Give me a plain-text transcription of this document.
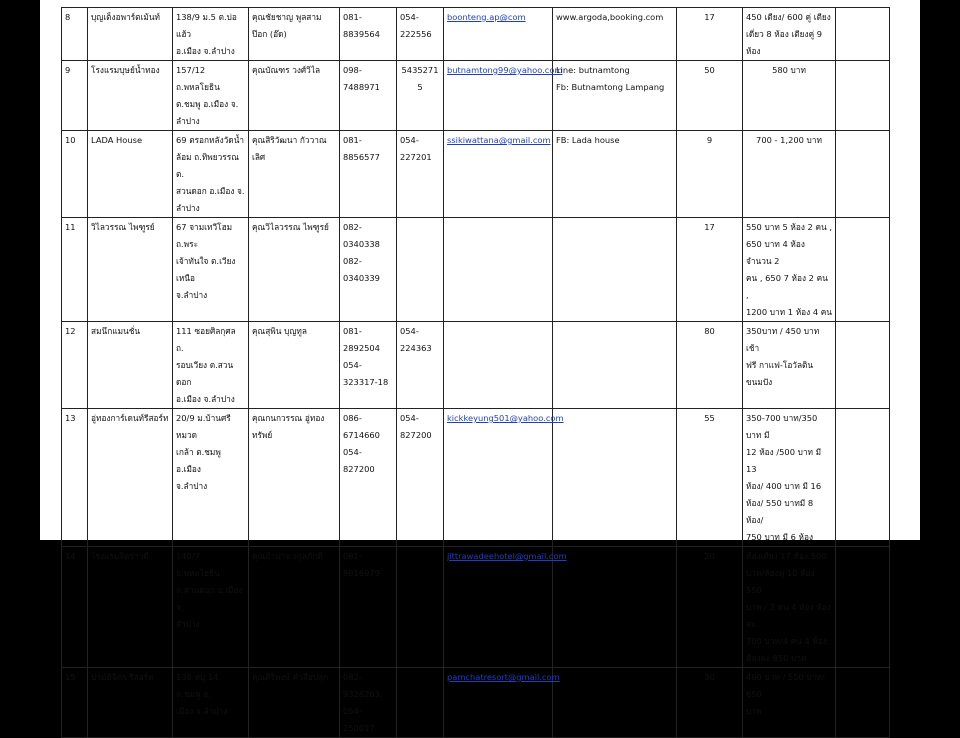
8	บุญเต็งอพาร์ตเม้นท์	138/9 ม.5 ต.บ่อแฮ้ว
อ.เมือง จ.ลำปาง	คุณชัยชาญ พูลสามป๊อก (อ๊ด)	081-8839564	054-222556	boonteng.ap@com	www.argoda,booking.com	17	450 เตียง/ 600 คู่ เตียง
เดี่ยว 8 ห้อง เตียงคู่ 9 ห้อง	

9	โรงแรมบุษย์น้ำทอง	157/12 ถ.พหลโยธิน
ต.ชมพู อ.เมือง จ.
ลำปาง	คุณบัณฑร วงศ์วิไล	098-7488971	54352715	butnamtong99@yahoo.com	Line: butnamtong
Fb: Butnamtong Lampang	50	580 บาท	

10	LADA House	69 ตรอกหลังวัดน้ำ
ล้อม ถ.ทิพยวรรณ ต.
สวนดอก อ.เมือง จ.
ลำปาง	คุณสิริวัฒนา กัววาณเลิศ	081-8856577	054-227201	ssikiwattana@gmail.com	FB: Lada house	9	700 - 1,200 บาท	

11	วิไลวรรณ ไพฑูรย์	67 จามเทวีโฮม ถ.พระ
เจ้าทันใจ ต.เวียงเหนือ
จ.ลำปาง	คุณวิไลวรรณ ไพฑูรย์	082-0340338
082-0340339				17	550 บาท 5 ห้อง 2 คน ,
650 บาท 4 ห้อง จำนวน 2
คน , 650 7 ห้อง 2 คน ,
1200 บาท 1 ห้อง 4 คน	

12	สมนึกแมนชั่น	111 ซอยศิลกุศล ถ.
รอบเวียง ต.สวนดอก
อ.เมือง จ.ลำปาง	คุณสุพิน บุญทูล	081-2892504
054-323317-18	054-224363			80	350บาท / 450 บาท เช้า
ฟรี กาแฟ-โอวัลติน ขนมปัง	

13	อู่ทองการ์เดนท์รีสอร์ท	20/9 ม.บ้านศรีหมวด
เกล้า ต.ชมพู อ.เมือง
จ.ลำปาง	คุณกนกวรรณ อู่ทองทรัพย์	086-6714660
054-827200	054-827200	kickkeyung501@yahoo.com		55	350-700 บาท/350 บาท มี
12 ห้อง /500 บาท มี 13
ห้อง/ 400 บาท มี 16
ห้อง/ 550 บาทมี 8 ห้อง/
750 บาท มี 6 ห้อง	

14	โรงแรมจิตราวดี	140/7 ถ.พหลโยธิน
ต.สวนดอก อ.เมือง จ.
ลำปาง	คุณอำนาจ งกุลภักดี	081-8816979		jittrawadeehotel@gmail.com		20	ห้องเตียง 17 ห้อง 500
บาท/ห้องคู่ 10 ห้อง 550
บาท / 3 คน 4 ห้อง ห้องละ
700 บาท/4 คน 4 ห้อง
ห้องละ 850 บาท	

15	ปาม์มัจิตร รีสอร์ท	138 หมู่ 14 ต.ชมพู อ.
เมือง จ.ลำปาง	คุณศิริพงษ์ คำลือปลูก	082-9326263,
054-250017		pamchatresort@gmail.com		30	490 บาท / 550 บาท/ 650
บาท	
